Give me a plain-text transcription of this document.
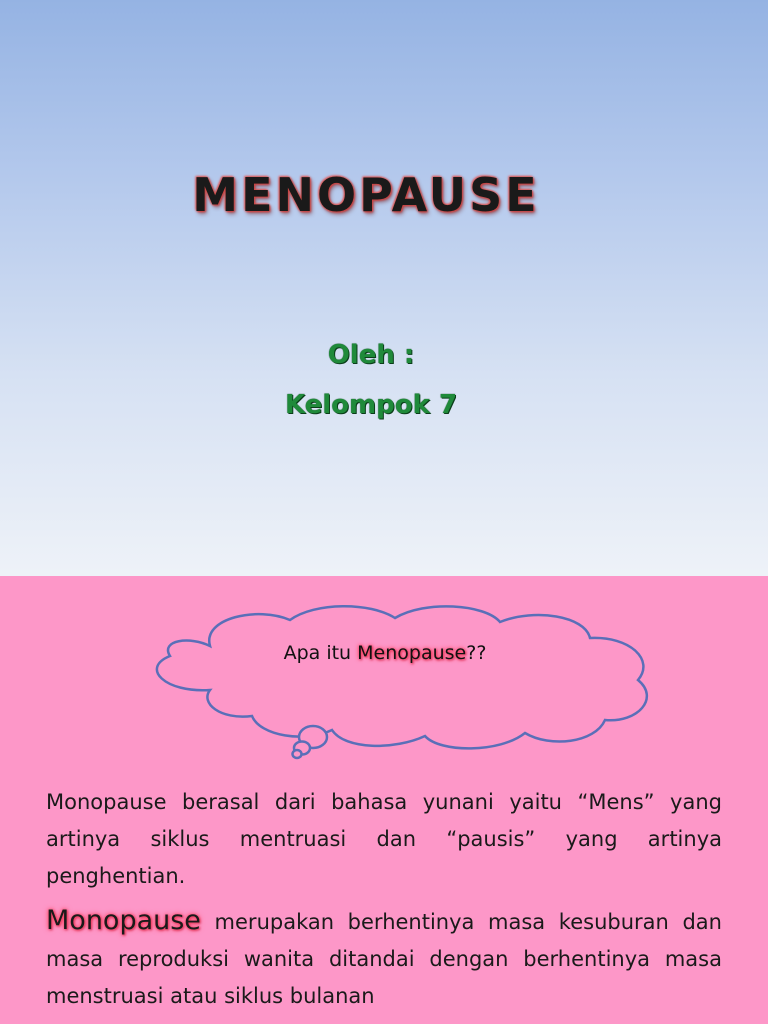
MENOPAUSE
Oleh :
Kelompok 7
Apa itu Menopause??

Monopause berasal dari bahasa yunani yaitu “Mens” yang artinya siklus mentruasi dan “pausis” yang artinya penghentian.

Monopause merupakan berhentinya masa kesuburan dan masa reproduksi wanita ditandai dengan berhentinya masa menstruasi atau siklus bulanan
